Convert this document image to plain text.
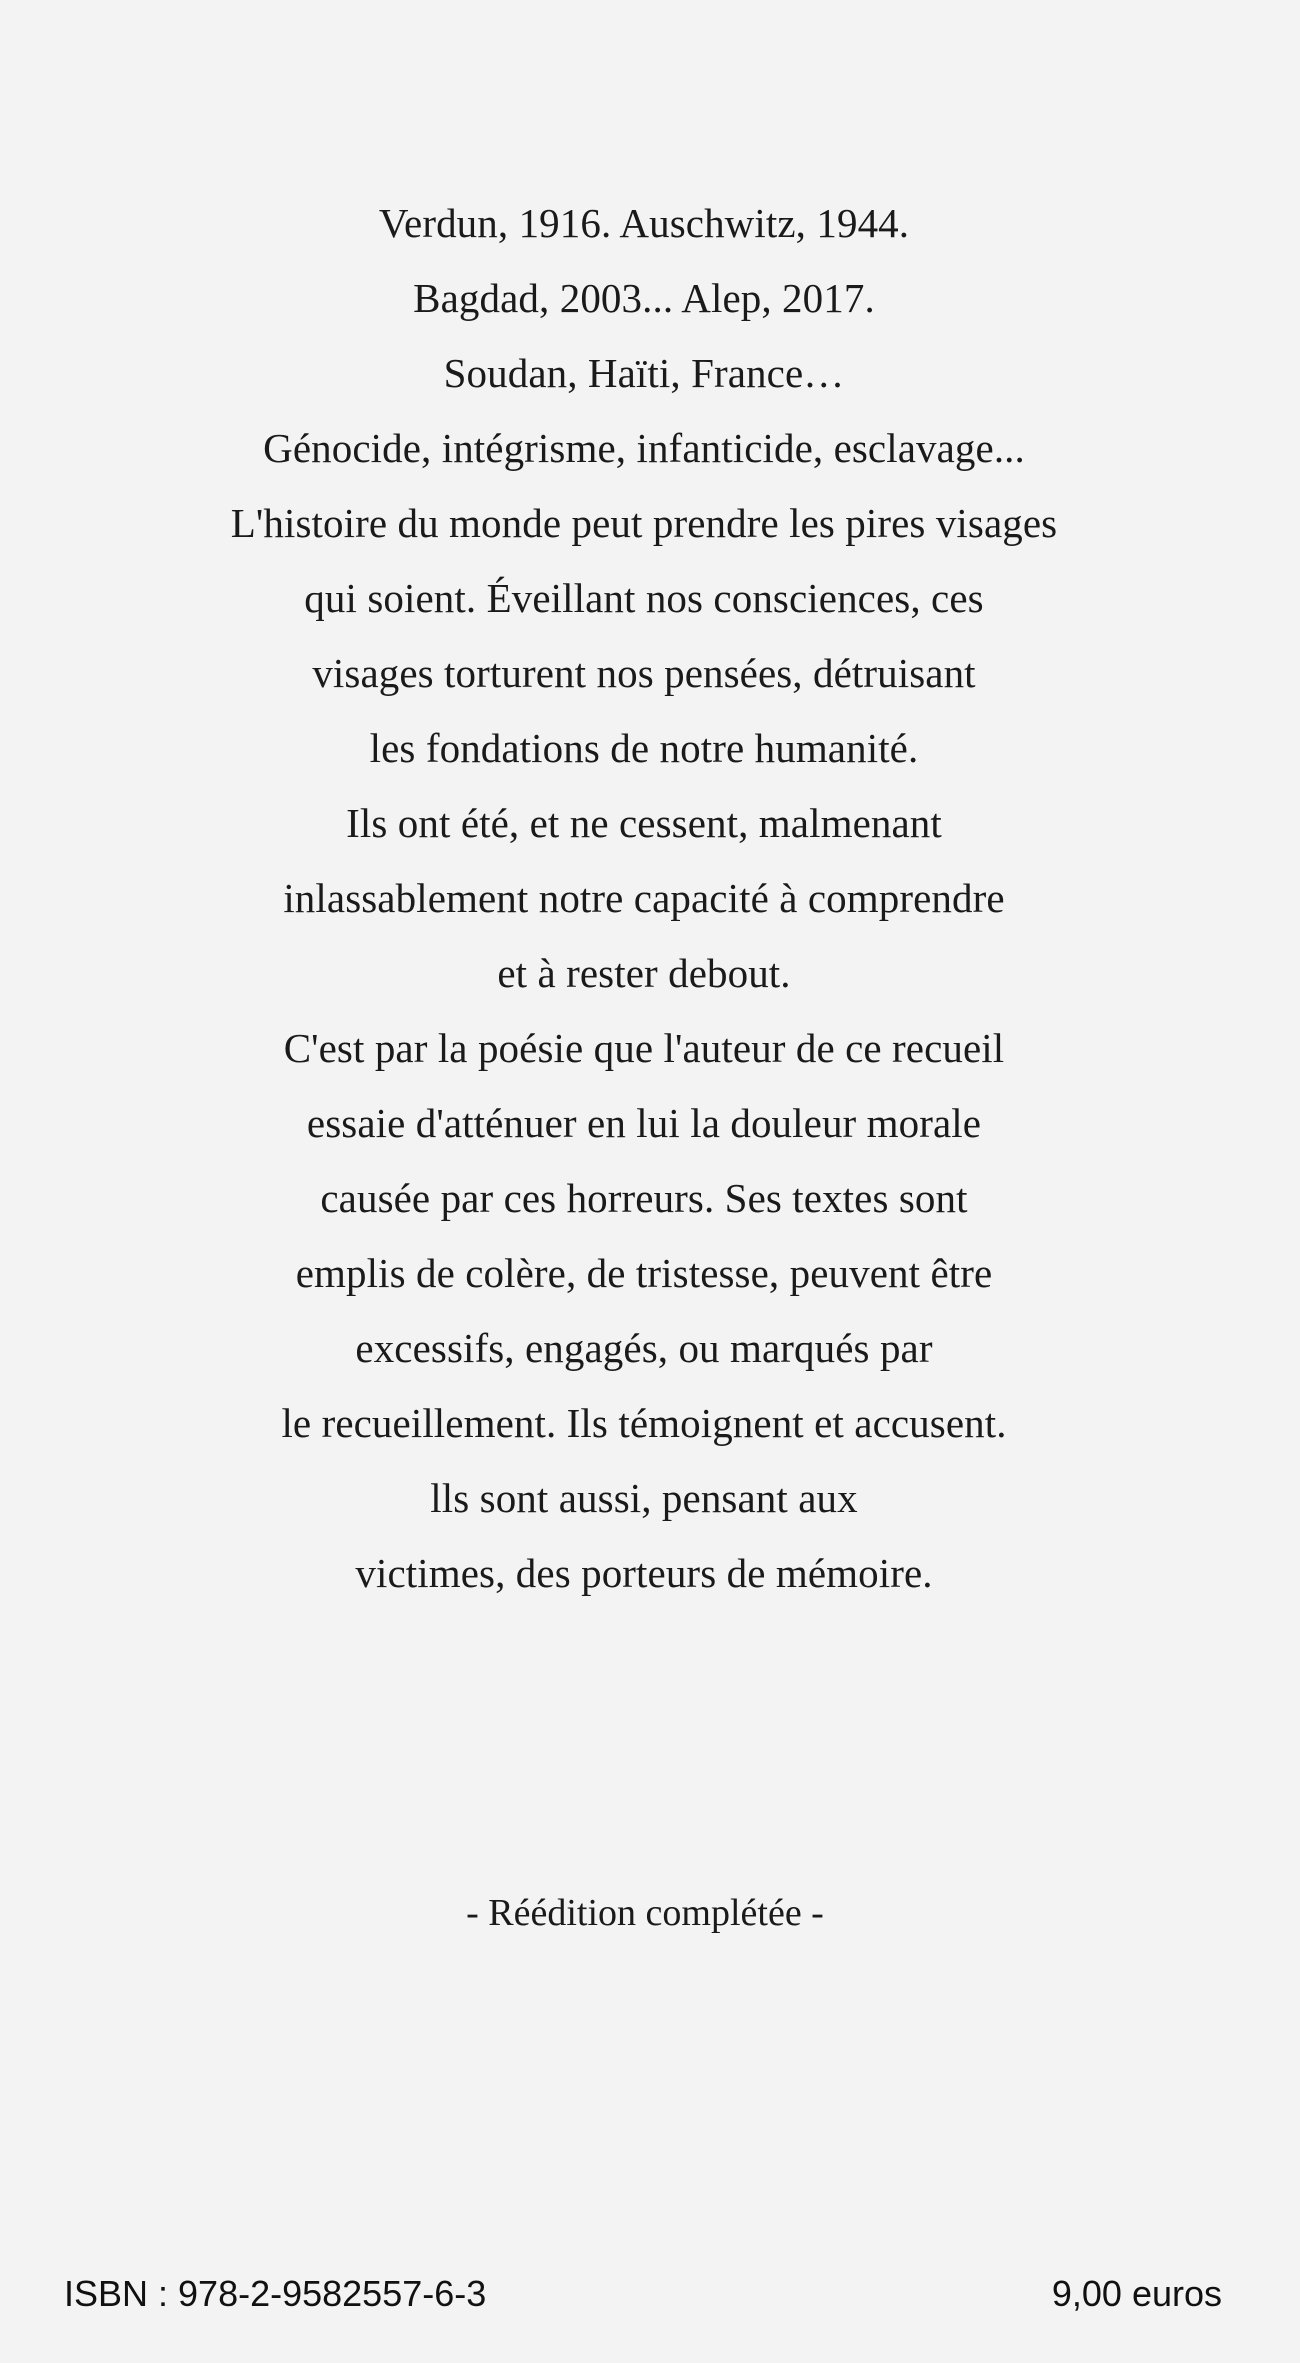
Verdun, 1916. Auschwitz, 1944.
Bagdad, 2003... Alep, 2017.
Soudan, Haïti, France…
Génocide, intégrisme, infanticide, esclavage...
L'histoire du monde peut prendre les pires visages
qui soient. Éveillant nos consciences, ces
visages torturent nos pensées, détruisant
les fondations de notre humanité.
Ils ont été, et ne cessent, malmenant
inlassablement notre capacité à comprendre
et à rester debout.
C'est par la poésie que l'auteur de ce recueil
essaie d'atténuer en lui la douleur morale
causée par ces horreurs. Ses textes sont
emplis de colère, de tristesse, peuvent être
excessifs, engagés, ou marqués par
le recueillement. Ils témoignent et accusent.
lls sont aussi, pensant aux
victimes, des porteurs de mémoire.
- Réédition complétée -
ISBN : 978-2-9582557-6-3	9,00 euros
